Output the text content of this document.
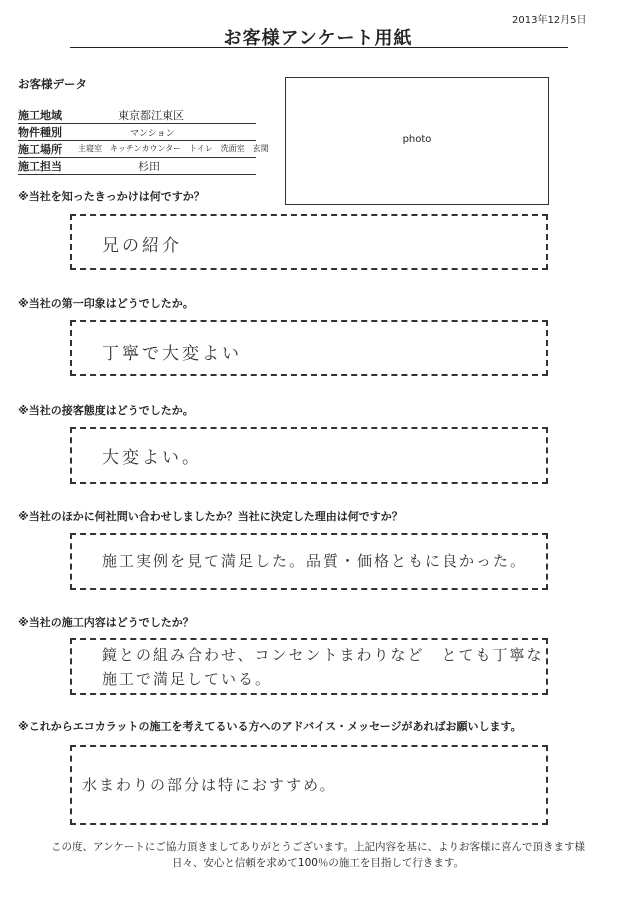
2013年12月5日
お客様アンケート用紙
お客様データ
施工地域	東京都江東区
物件種別	マンション
施工場所 主寝室　キッチンカウンター　トイレ　洗面室　玄関
施工担当	杉田
photo
※当社を知ったきっかけは何ですか？
兄の紹介
※当社の第一印象はどうでしたか。
丁寧で大変よい
※当社の接客態度はどうでしたか。
大変よい。
※当社のほかに何社問い合わせしましたか？当社に決定した理由は何ですか？
施工実例を見て満足した。品質・価格ともに良かった。
※当社の施工内容はどうでしたか？
鏡との組み合わせ、コンセントまわりなど　とても丁寧な
施工で満足している。
※これからエコカラットの施工を考えてるいる方へのアドバイス・メッセージがあればお願いします。
水まわりの部分は特におすすめ。
この度、アンケートにご協力頂きましてありがとうございます。上記内容を基に、よりお客様に喜んで頂きます様
日々、安心と信頼を求めて100％の施工を目指して行きます。
